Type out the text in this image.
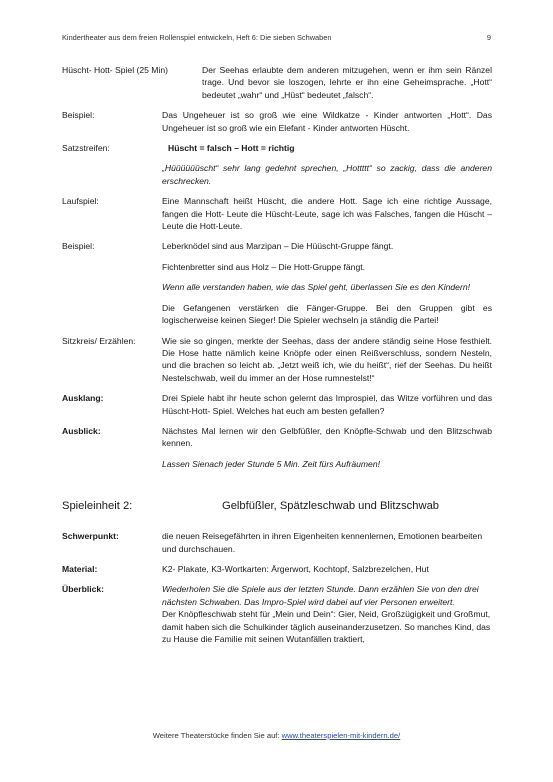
Kindertheater aus dem freien Rollenspiel entwickeln, Heft 6: Die sieben Schwaben	9
Hüscht- Hott- Spiel (25 Min)	Der Seehas erlaubte dem anderen mitzugehen, wenn er ihm sein Ränzel trage. Und bevor sie loszogen, lehrte er ihn eine Geheimsprache. „Hott“ bedeutet „wahr“ und „Hüst“ bedeutet „falsch“.
Beispiel:	Das Ungeheuer ist so groß wie eine Wildkatze - Kinder antworten „Hott“. Das Ungeheuer ist so groß wie ein Elefant - Kinder antworten Hüscht.
Satzstreifen:	Hüscht = falsch – Hott = richtig

„Hüüüüüüscht“ sehr lang gedehnt sprechen, „Hottttt“ so zackig, dass die anderen erschrecken.

Laufspiel:	Eine Mannschaft heißt Hüscht, die andere Hott. Sage ich eine richtige Aussage, fangen die Hott- Leute die Hüscht-Leute, sage ich was Falsches, fangen die Hüscht –Leute die Hott-Leute.
Beispiel:	Leberknödel sind aus Marzipan – Die Hüüscht-Gruppe fängt.

Fichtenbretter sind aus Holz – Die Hott-Gruppe fängt.

Wenn alle verstanden haben, wie das Spiel geht, überlassen Sie es den Kindern!

Die Gefangenen verstärken die Fänger-Gruppe. Bei den Gruppen gibt es logischerweise keinen Sieger! Die Spieler wechseln ja ständig die Partei!

Sitzkreis/ Erzählen:	Wie sie so gingen, merkte der Seehas, dass der andere ständig seine Hose festhielt. Die Hose hatte nämlich keine Knöpfe oder einen Reißverschluss, sondern Nesteln, und die brachen so leicht ab. „Jetzt weiß ich, wie du heißt“, rief der Seehas. Du heißt Nestelschwab, weil du immer an der Hose rumnestelst!“
Ausklang:	Drei Spiele habt ihr heute schon gelernt das Improspiel, das Witze vorführen und das Hüscht-Hott- Spiel. Welches hat euch am besten gefallen?
Ausblick:	Nächstes Mal lernen wir den Gelbfüßler, den Knöpfle-Schwab und den Blitzschwab kennen.

Lassen Sienach jeder Stunde 5 Min. Zeit fürs Aufräumen!

Spieleinheit 2:	Gelbfüßler, Spätzleschwab und Blitzschwab
Schwerpunkt:	die neuen Reisegefährten in ihren Eigenheiten kennenlernen, Emotionen bearbeiten und durchschauen.
Material:	K2- Plakate, K3-Wortkarten: Ärgerwort, Kochtopf, Salzbrezelchen, Hut
Überblick:	Wiederholen Sie die Spiele aus der letzten Stunde. Dann erzählen Sie von den drei nächsten Schwaben. Das Impro-Spiel wird dabei auf vier Personen erweitert.
Der Knöpfleschwab steht für „Mein und Dein“: Gier, Neid, Großzügigkeit und Großmut, damit haben sich die Schulkinder täglich auseinanderzusetzen. So manches Kind, das zu Hause die Familie mit seinen Wutanfällen traktiert,
Weitere Theaterstücke finden Sie auf: www.theaterspielen-mit-kindern.de/
